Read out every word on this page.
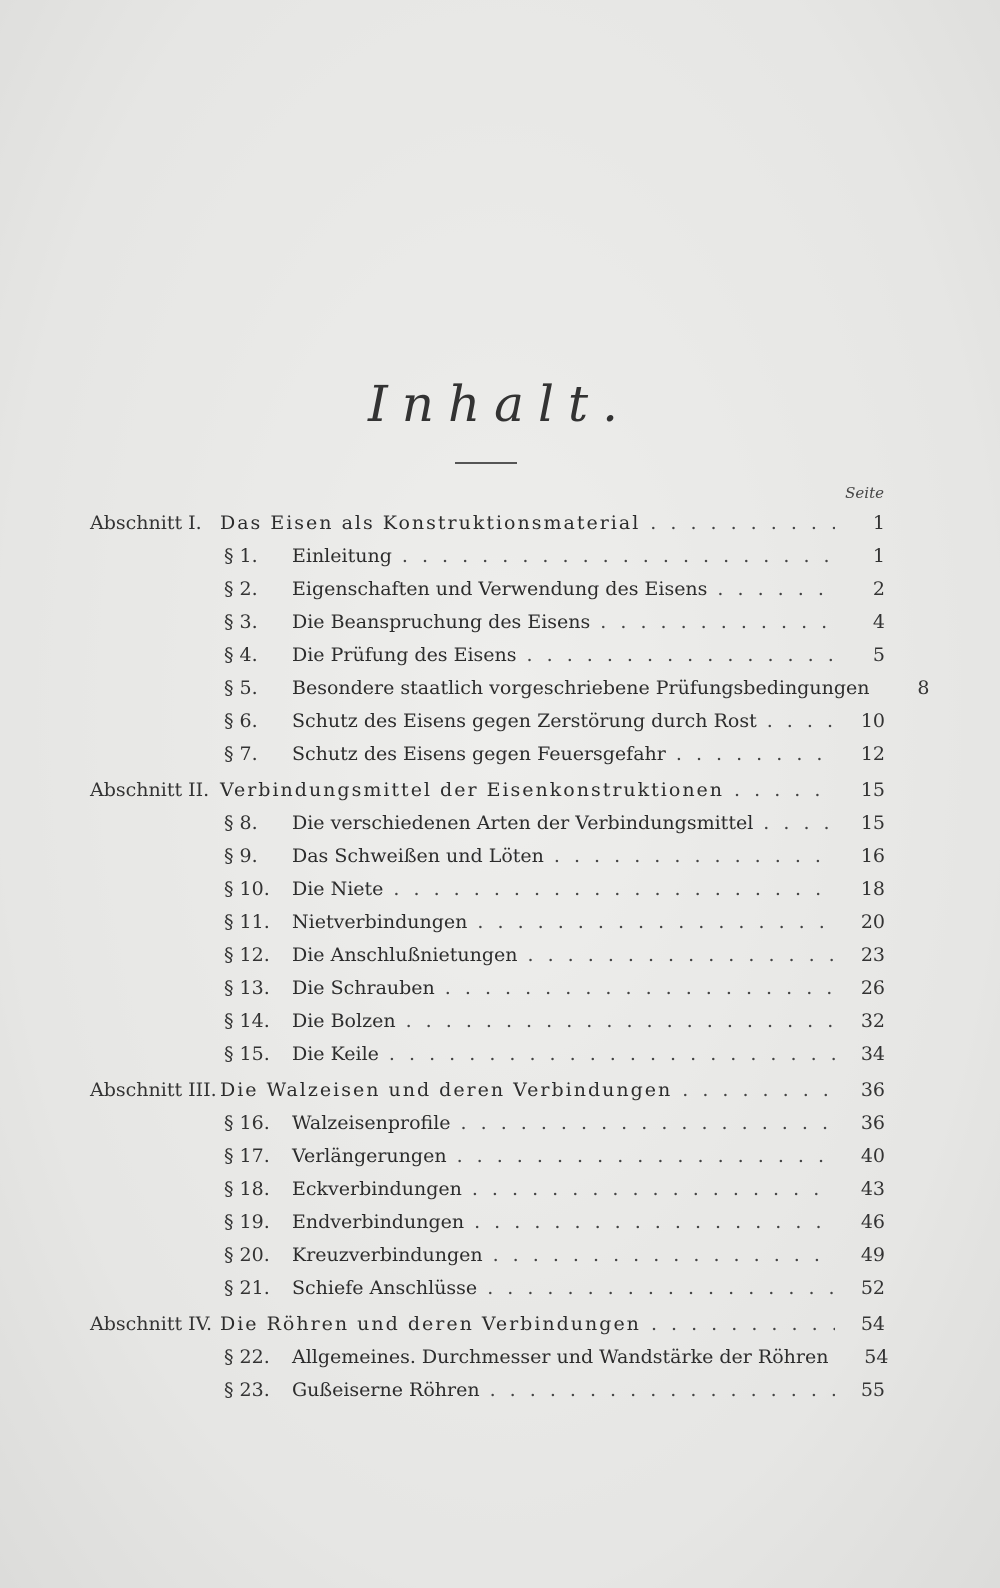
Inhalt.
Seite
Abschnitt I. Das Eisen als Konstruktionsmaterial . . .	1
§ 1.	Einleitung . . .	1
§ 2.	Eigenschaften und Verwendung des Eisens . . .	2
§ 3.	Die Beanspruchung des Eisens . . .	4
§ 4.	Die Prüfung des Eisens . . .	5
§ 5.	Besondere staatlich vorgeschriebene Prüfungsbedingungen	8
§ 6.	Schutz des Eisens gegen Zerstörung durch Rost . . .	10
§ 7.	Schutz des Eisens gegen Feuersgefahr . . .	12
Abschnitt II. Verbindungsmittel der Eisenkonstruktionen . . .	15
§ 8.	Die verschiedenen Arten der Verbindungsmittel . . .	15
§ 9.	Das Schweißen und Löten . . .	16
§ 10.	Die Niete . . .	18
§ 11.	Nietverbindungen . . .	20
§ 12.	Die Anschlußnietungen . . .	23
§ 13.	Die Schrauben . . .	26
§ 14.	Die Bolzen . . .	32
§ 15.	Die Keile . . .	34
Abschnitt III. Die Walzeisen und deren Verbindungen . . .	36
§ 16.	Walzeisenprofile . . .	36
§ 17.	Verlängerungen . . .	40
§ 18.	Eckverbindungen . . .	43
§ 19.	Endverbindungen . . .	46
§ 20.	Kreuzverbindungen . . .	49
§ 21.	Schiefe Anschlüsse . . .	52
Abschnitt IV. Die Röhren und deren Verbindungen . . .	54
§ 22.	Allgemeines. Durchmesser und Wandstärke der Röhren	54
§ 23.	Gußeiserne Röhren . . .	55
